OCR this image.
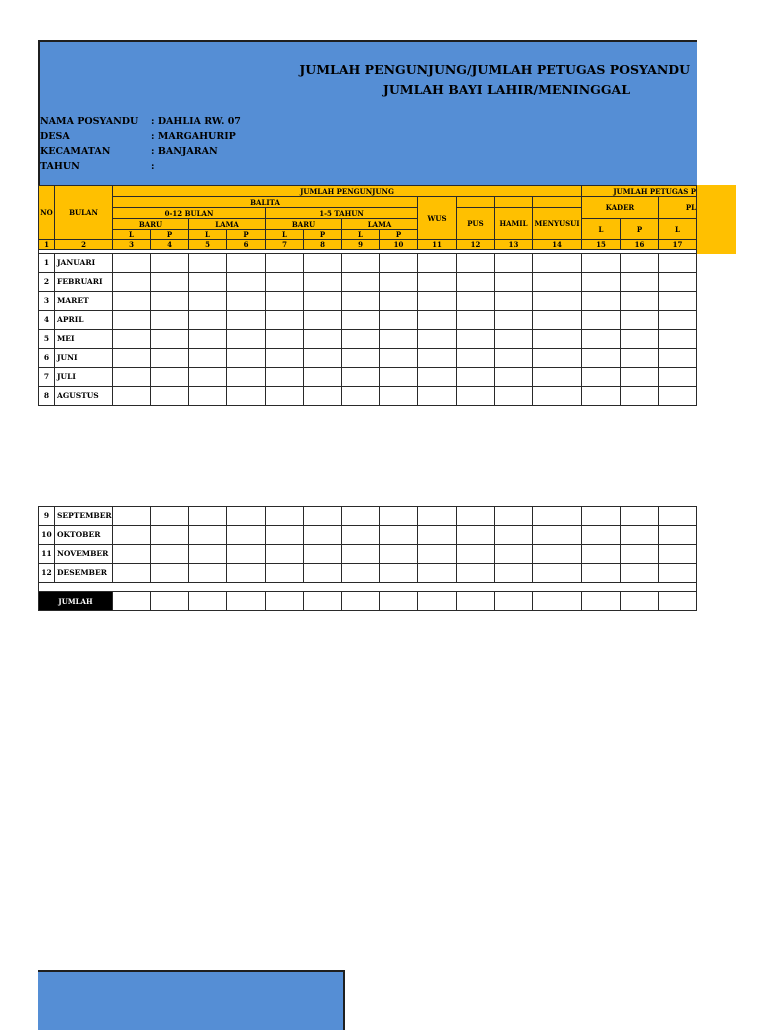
JUMLAH PENGUNJUNG/JUMLAH PETUGAS POSYANDU
JUMLAH BAYI LAHIR/MENINGGAL
NAMA POSYANDU : DAHLIA RW. 07
DESA	: MARGAHURIP
KECAMATAN	: BANJARAN
TAHUN	:
NO	BULAN	JUMLAH PENGUNJUNG												JUMLAH PETUGAS P		
		BALITA								WUS				KADER		PL
		0-12 BULAN				1-5 TAHUN					PUS	HAMIL	MENYUSUI			
		BARU		LAMA		BARU		LAMA						L	P	L
		L	P	L	P	L	P	L	P							
1	2	3	4	5	6	7	8	9	10	11	12	13	14	15	16	17

1	JANUARI															
2	FEBRUARI															
3	MARET															
4	APRIL															
5	MEI															
6	JUNI															
7	JULI															
8	AGUSTUS															
9	SEPTEMBER															
10	OKTOBER															
11	NOVEMBER															
12	DESEMBER															

JUMLAH																
